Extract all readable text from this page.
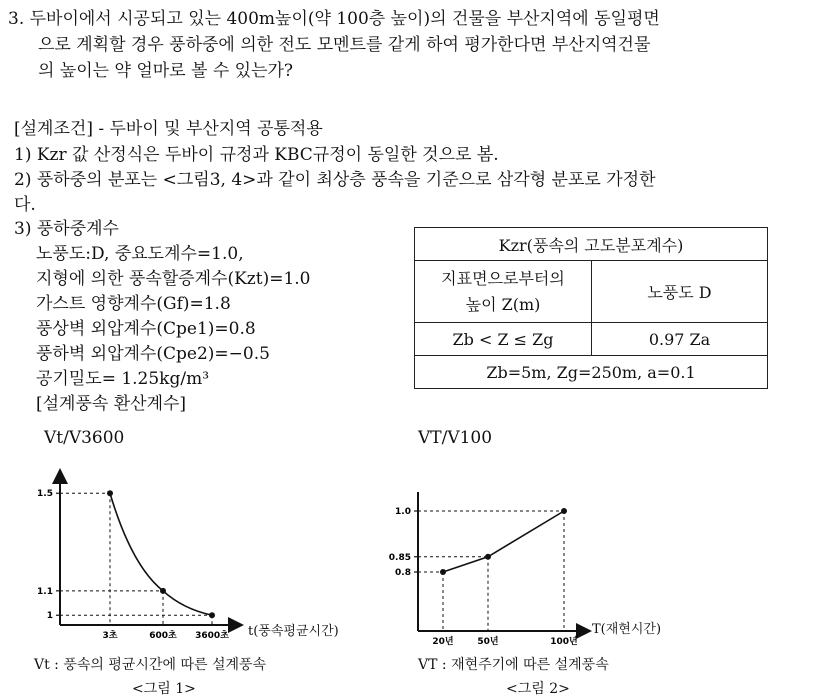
3. 두바이에서 시공되고 있는 400m높이(약 100층 높이)의 건물을 부산지역에 동일평면
으로 계획할 경우 풍하중에 의한 전도 모멘트를 같게 하여 평가한다면 부산지역건물
의 높이는 약 얼마로 볼 수 있는가?
[설계조건] - 두바이 및 부산지역 공통적용
1) Kzr 값 산정식은 두바이 규정과 KBC규정이 동일한 것으로 봄.
2) 풍하중의 분포는 <그림3, 4>과 같이 최상층 풍속을 기준으로 삼각형 분포로 가정한
다.
3) 풍하중계수
노풍도:D, 중요도계수=1.0,
지형에 의한 풍속할증계수(Kzt)=1.0
가스트 영향계수(Gf)=1.8
풍상벽 외압계수(Cpe1)=0.8
풍하벽 외압계수(Cpe2)=−0.5
공기밀도= 1.25kg/m³
[설계풍속 환산계수]
Kzr(풍속의 고도분포계수)	

지표면으로부터의
높이 Z(m)	노풍도 D
Zb < Z ≤ Zg	0.97 Za
Zb=5m, Zg=250m, a=0.1	
Vt/V3600
t(풍속평균시간)
Vt : 풍속의 평균시간에 따른 설계풍속
<그림 1>
1.5
1.1
1
3초	600초 3600초
VT/V100
T(재현시간)
VT : 재현주기에 따른 설계풍속
<그림 2>
1.0
0.85
0.8
20년	50년	100년
